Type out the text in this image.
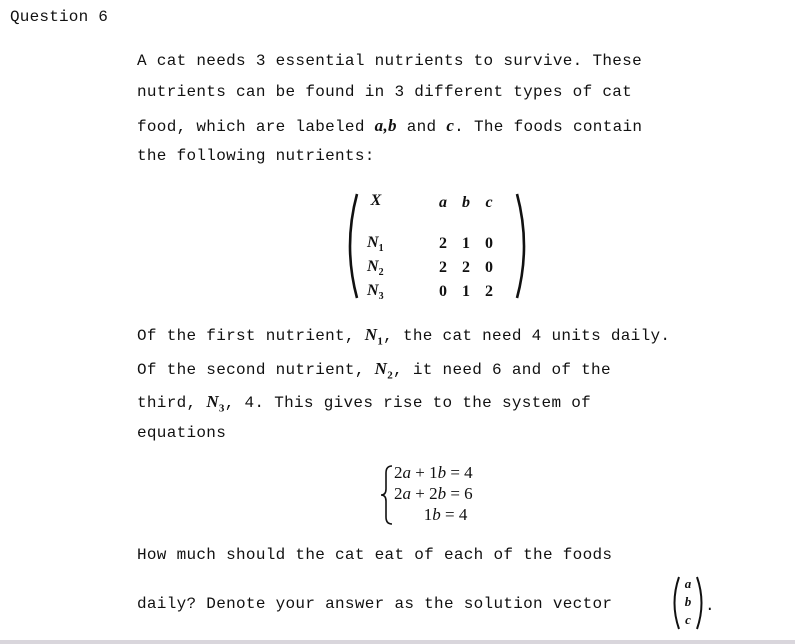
Question 6
A cat needs 3 essential nutrients to survive. These
nutrients can be found in 3 different types of cat
food, which are labeled a,b and c. The foods contain
the following nutrients:
X	a b c
$N_1$	2 1 0
$N_2$	2 2 0
$N_3$	0 1 2
Of the first nutrient, $N_1$, the cat need 4 units daily.
Of the second nutrient, $N_2$, it need 6 and of the
third, $N_3$, 4. This gives rise to the system of
equations
2a + 1b = 4
2a + 2b = 6
1b = 4
How much should the cat eat of each of the foods
daily? Denote your answer as the solution vector
a
b
c
.
